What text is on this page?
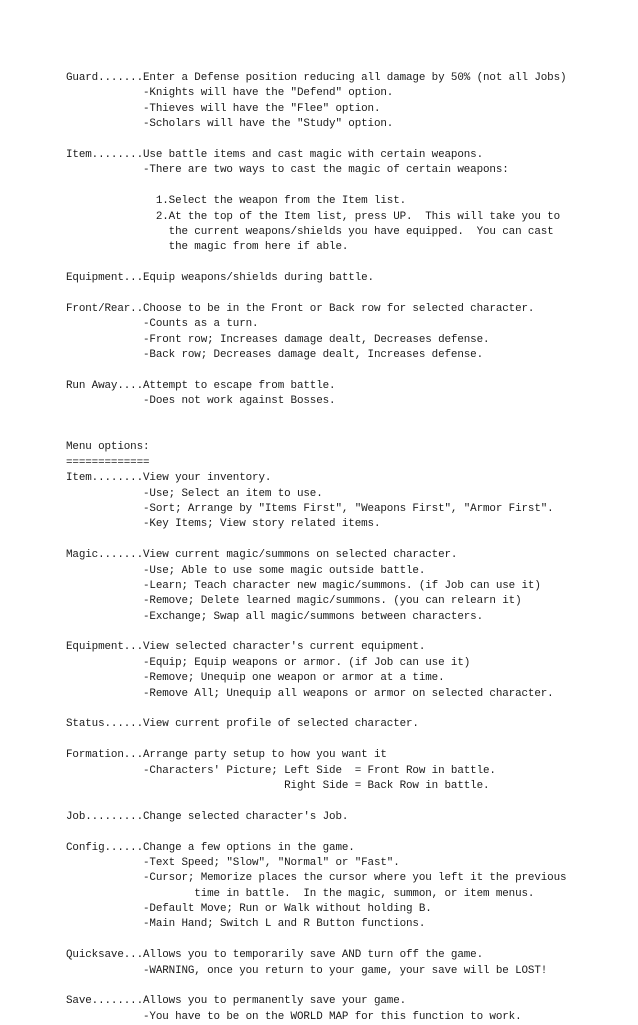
Guard.......Enter a Defense position reducing all damage by 50% (not all Jobs)
-Knights will have the "Defend" option.
-Thieves will have the "Flee" option.
-Scholars will have the "Study" option.
Item........Use battle items and cast magic with certain weapons.
-There are two ways to cast the magic of certain weapons:
1.Select the weapon from the Item list.
2.At the top of the Item list, press UP.  This will take you to
the current weapons/shields you have equipped.  You can cast
the magic from here if able.
Equipment...Equip weapons/shields during battle.
Front/Rear..Choose to be in the Front or Back row for selected character.
-Counts as a turn.
-Front row; Increases damage dealt, Decreases defense.
-Back row; Decreases damage dealt, Increases defense.
Run Away....Attempt to escape from battle.
-Does not work against Bosses.
Menu options:
=============
Item........View your inventory.
-Use; Select an item to use.
-Sort; Arrange by "Items First", "Weapons First", "Armor First".
-Key Items; View story related items.
Magic.......View current magic/summons on selected character.
-Use; Able to use some magic outside battle.
-Learn; Teach character new magic/summons. (if Job can use it)
-Remove; Delete learned magic/summons. (you can relearn it)
-Exchange; Swap all magic/summons between characters.
Equipment...View selected character's current equipment.
-Equip; Equip weapons or armor. (if Job can use it)
-Remove; Unequip one weapon or armor at a time.
-Remove All; Unequip all weapons or armor on selected character.
Status......View current profile of selected character.
Formation...Arrange party setup to how you want it
-Characters' Picture; Left Side  = Front Row in battle.
Right Side = Back Row in battle.
Job.........Change selected character's Job.
Config......Change a few options in the game.
-Text Speed; "Slow", "Normal" or "Fast".
-Cursor; Memorize places the cursor where you left it the previous
time in battle.  In the magic, summon, or item menus.
-Default Move; Run or Walk without holding B.
-Main Hand; Switch L and R Button functions.
Quicksave...Allows you to temporarily save AND turn off the game.
-WARNING, once you return to your game, your save will be LOST!
Save........Allows you to permanently save your game.
-You have to be on the WORLD MAP for this function to work.
